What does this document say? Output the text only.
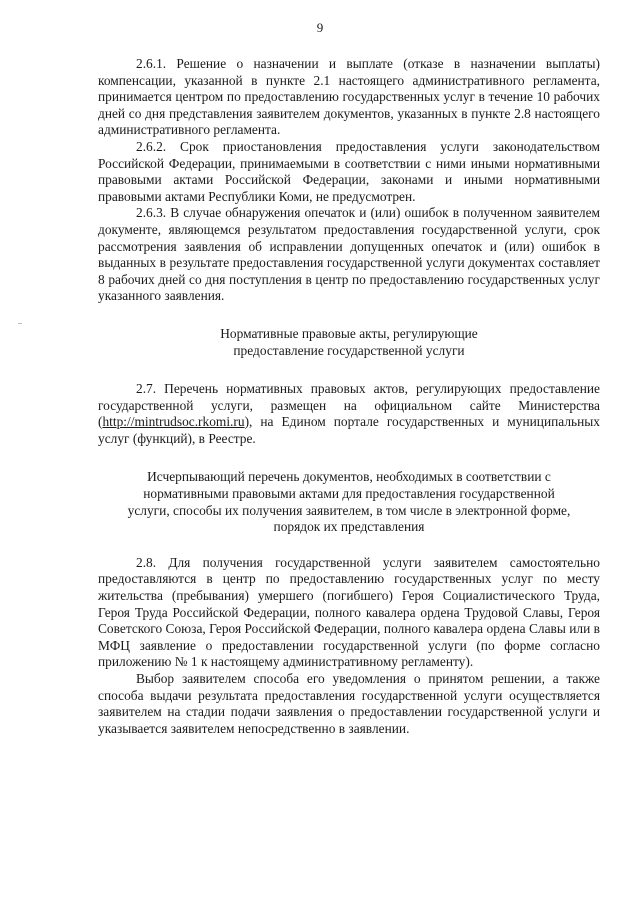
9

2.6.1. Решение о назначении и выплате (отказе в назначении выплаты) компенсации, указанной в пункте 2.1 настоящего административного регламента, принимается центром по предоставлению государственных услуг в течение 10 рабочих дней со дня представления заявителем документов, указанных в пункте 2.8 настоящего административного регламента.

2.6.2. Срок приостановления предоставления услуги законодательством Российской Федерации, принимаемыми в соответствии с ними иными нормативными правовыми актами Российской Федерации, законами и иными нормативными правовыми актами Республики Коми, не предусмотрен.

2.6.3. В случае обнаружения опечаток и (или) ошибок в полученном заявителем документе, являющемся результатом предоставления государственной услуги, срок рассмотрения заявления об исправлении допущенных опечаток и (или) ошибок в выданных в результате предоставления государственной услуги документах составляет 8 рабочих дней со дня поступления в центр по предоставлению государственных услуг указанного заявления.

Нормативные правовые акты, регулирующие
предоставление государственной услуги

2.7. Перечень нормативных правовых актов, регулирующих предоставление государственной услуги, размещен на официальном сайте Министерства (http://mintrudsoc.rkomi.ru), на Едином портале государственных и муниципальных услуг (функций), в Реестре.

Исчерпывающий перечень документов, необходимых в соответствии с
нормативными правовыми актами для предоставления государственной
услуги, способы их получения заявителем, в том числе в электронной форме,
порядок их представления

2.8. Для получения государственной услуги заявителем самостоятельно предоставляются в центр по предоставлению государственных услуг по месту жительства (пребывания) умершего (погибшего) Героя Социалистического Труда, Героя Труда Российской Федерации, полного кавалера ордена Трудовой Славы, Героя Советского Союза, Героя Российской Федерации, полного кавалера ордена Славы или в МФЦ заявление о предоставлении государственной услуги (по форме согласно приложению № 1 к настоящему административному регламенту).

Выбор заявителем способа его уведомления о принятом решении, а также способа выдачи результата предоставления государственной услуги осуществляется заявителем на стадии подачи заявления о предоставлении государственной услуги и указывается заявителем непосредственно в заявлении.
